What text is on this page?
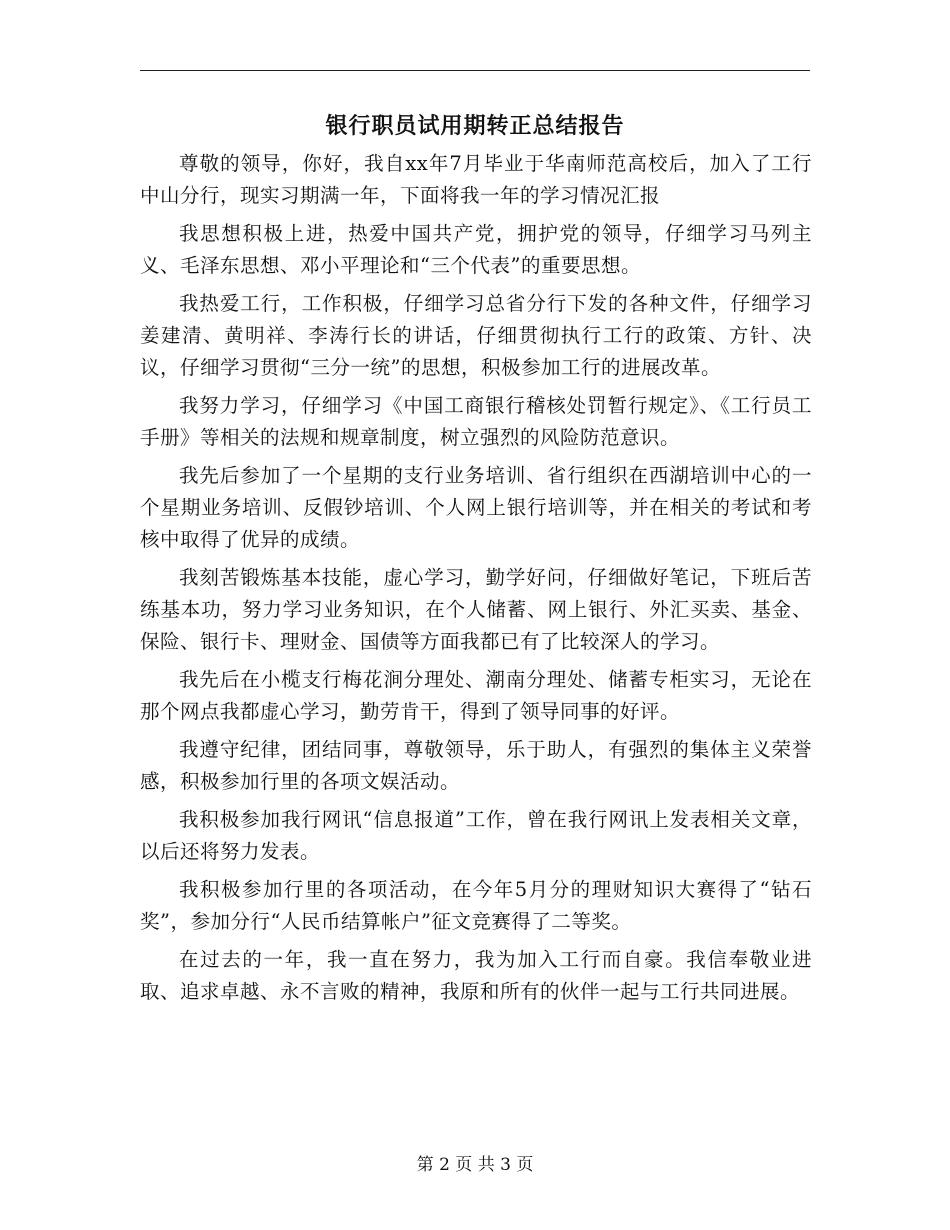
银行职员试用期转正总结报告

尊敬的领导，你好，我自xx年7月毕业于华南师范高校后，加入了工行中山分行，现实习期满一年，下面将我一年的学习情况汇报

我思想积极上进，热爱中国共产党，拥护党的领导，仔细学习马列主义、毛泽东思想、邓小平理论和“三个代表”的重要思想。

我热爱工行，工作积极，仔细学习总省分行下发的各种文件，仔细学习姜建清、黄明祥、李涛行长的讲话，仔细贯彻执行工行的政策、方针、决议，仔细学习贯彻“三分一统”的思想，积极参加工行的进展改革。

我努力学习，仔细学习《中国工商银行稽核处罚暂行规定》、《工行员工手册》等相关的法规和规章制度，树立强烈的风险防范意识。

我先后参加了一个星期的支行业务培训、省行组织在西湖培训中心的一个星期业务培训、反假钞培训、个人网上银行培训等，并在相关的考试和考核中取得了优异的成绩。

我刻苦锻炼基本技能，虚心学习，勤学好问，仔细做好笔记，下班后苦练基本功，努力学习业务知识，在个人储蓄、网上银行、外汇买卖、基金、保险、银行卡、理财金、国债等方面我都已有了比较深人的学习。

我先后在小榄支行梅花涧分理处、潮南分理处、储蓄专柜实习，无论在那个网点我都虚心学习，勤劳肯干，得到了领导同事的好评。

我遵守纪律，团结同事，尊敬领导，乐于助人，有强烈的集体主义荣誉感，积极参加行里的各项文娱活动。

我积极参加我行网讯“信息报道”工作，曾在我行网讯上发表相关文章，以后还将努力发表。

我积极参加行里的各项活动，在今年5月分的理财知识大赛得了“钻石奖”，参加分行“人民币结算帐户”征文竞赛得了二等奖。

在过去的一年，我一直在努力，我为加入工行而自豪。我信奉敬业进取、追求卓越、永不言败的精神，我原和所有的伙伴一起与工行共同进展。

第 2 页 共 3 页
